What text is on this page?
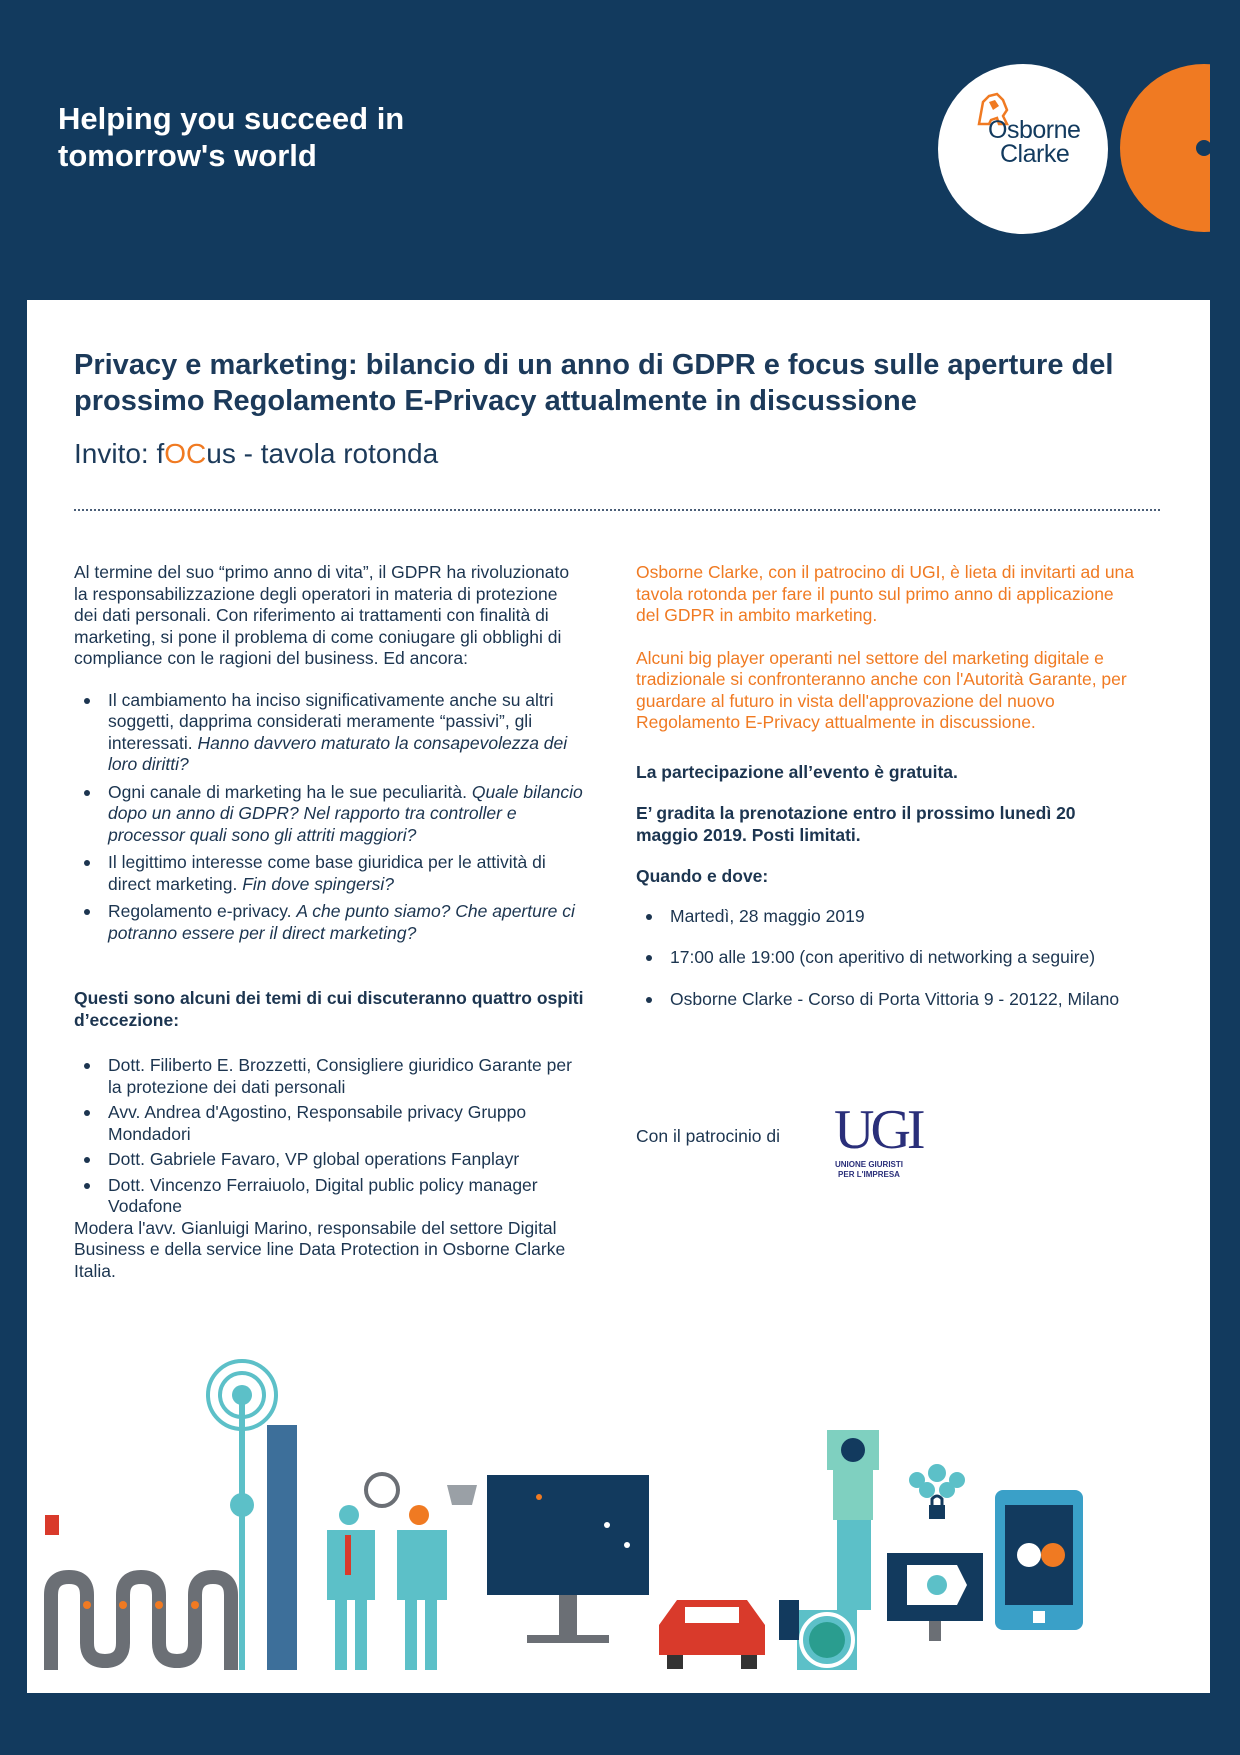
Helping you succeed in
tomorrow's world

Osborne
Clarke
Privacy e marketing: bilancio di un anno di GDPR e focus sulle aperture del prossimo Regolamento E-Privacy attualmente in discussione

Invito: fOCus - tavola rotonda

Al termine del suo “primo anno di vita”, il GDPR ha rivoluzionato la responsabilizzazione degli operatori in materia di protezione dei dati personali. Con riferimento ai trattamenti con finalità di marketing, si pone il problema di come coniugare gli obblighi di compliance con le ragioni del business. Ed ancora:

Il cambiamento ha inciso significativamente anche su altri soggetti, dapprima considerati meramente “passivi”, gli interessati. Hanno davvero maturato la consapevolezza dei loro diritti?
Ogni canale di marketing ha le sue peculiarità. Quale bilancio dopo un anno di GDPR? Nel rapporto tra controller e processor quali sono gli attriti maggiori?
Il legittimo interesse come base giuridica per le attività di direct marketing. Fin dove spingersi?
Regolamento e-privacy. A che punto siamo? Che aperture ci potranno essere per il direct marketing?

Questi sono alcuni dei temi di cui discuteranno quattro ospiti d’eccezione:

Dott. Filiberto E. Brozzetti, Consigliere giuridico Garante per la protezione dei dati personali
Avv. Andrea d'Agostino, Responsabile privacy Gruppo Mondadori
Dott. Gabriele Favaro, VP global operations Fanplayr
Dott. Vincenzo Ferraiuolo, Digital public policy manager Vodafone

Modera l'avv. Gianluigi Marino, responsabile del settore Digital Business e della service line Data Protection in Osborne Clarke Italia.

Osborne Clarke, con il patrocino di UGI, è lieta di invitarti ad una tavola rotonda per fare il punto sul primo anno di applicazione del GDPR in ambito marketing.

Alcuni big player operanti nel settore del marketing digitale e tradizionale si confronteranno anche con l'Autorità Garante, per guardare al futuro in vista dell'approvazione del nuovo Regolamento E-Privacy attualmente in discussione.

La partecipazione all’evento è gratuita.

E’ gradita la prenotazione entro il prossimo lunedì 20 maggio 2019. Posti limitati.

Quando e dove:

Martedì, 28 maggio 2019
17:00 alle 19:00 (con aperitivo di networking a seguire)
Osborne Clarke - Corso di Porta Vittoria 9 - 20122, Milano
Con il patrocinio di UGI
UNIONE GIURISTI
PER L'IMPRESA
